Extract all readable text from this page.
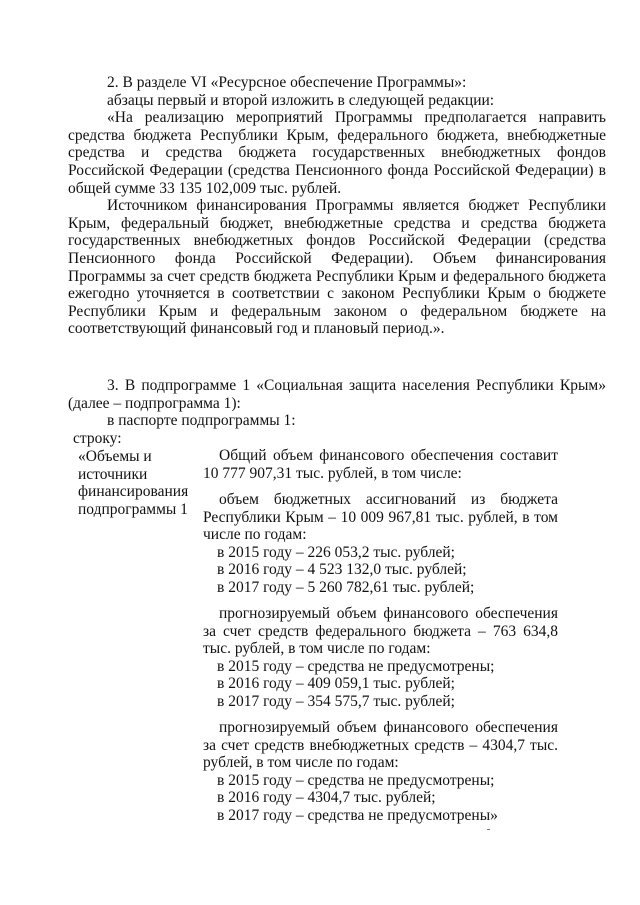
2. В разделе VI «Ресурсное обеспечение Программы»:

абзацы первый и второй изложить в следующей редакции:

«На реализацию мероприятий Программы предполагается направить средства бюджета Республики Крым, федерального бюджета, внебюджетные средства и средства бюджета государственных внебюджетных фондов Российской Федерации (средства Пенсионного фонда Российской Федерации) в общей сумме 33 135 102,009 тыс. рублей.

Источником финансирования Программы является бюджет Республики Крым, федеральный бюджет, внебюджетные средства и средства бюджета государственных внебюджетных фондов Российской Федерации (средства Пенсионного фонда Российской Федерации). Объем финансирования Программы за счет средств бюджета Республики Крым и федерального бюджета ежегодно уточняется в соответствии с законом Республики Крым о бюджете Республики Крым и федеральным законом о федеральном бюджете на соответствующий финансовый год и плановый период.».

3. В подпрограмме 1 «Социальная защита населения Республики Крым» (далее – подпрограмма 1):

в паспорте подпрограммы 1:

строку:
«Объемы и
источники
финансирования
подпрограммы 1

Общий объем финансового обеспечения составит 10 777 907,31 тыс. рублей, в том числе:

объем бюджетных ассигнований из бюджета Республики Крым – 10 009 967,81 тыс. рублей, в том числе по годам:

в 2015 году – 226 053,2 тыс. рублей;

в 2016 году – 4 523 132,0 тыс. рублей;

в 2017 году – 5 260 782,61 тыс. рублей;

прогнозируемый объем финансового обеспечения за счет средств федерального бюджета – 763 634,8 тыс. рублей, в том числе по годам:

в 2015 году – средства не предусмотрены;

в 2016 году – 409 059,1 тыс. рублей;

в 2017 году – 354 575,7 тыс. рублей;

прогнозируемый объем финансового обеспечения за счет средств внебюджетных средств – 4304,7 тыс. рублей, в том числе по годам:

в 2015 году – средства не предусмотрены;

в 2016 году – 4304,7 тыс. рублей;

в 2017 году – средства не предусмотрены»
